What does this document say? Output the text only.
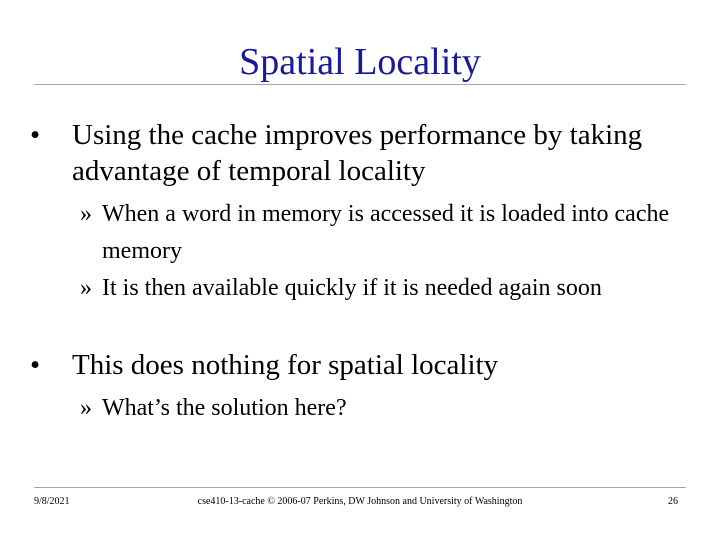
Spatial Locality
•	Using the cache improves performance by taking advantage of temporal locality
» When a word in memory is accessed it is loaded into cache memory
» It is then available quickly if it is needed again soon
•	This does nothing for spatial locality
» What’s the solution here?
9/8/2021	cse410-13-cache © 2006-07 Perkins, DW Johnson and University of Washington	26
